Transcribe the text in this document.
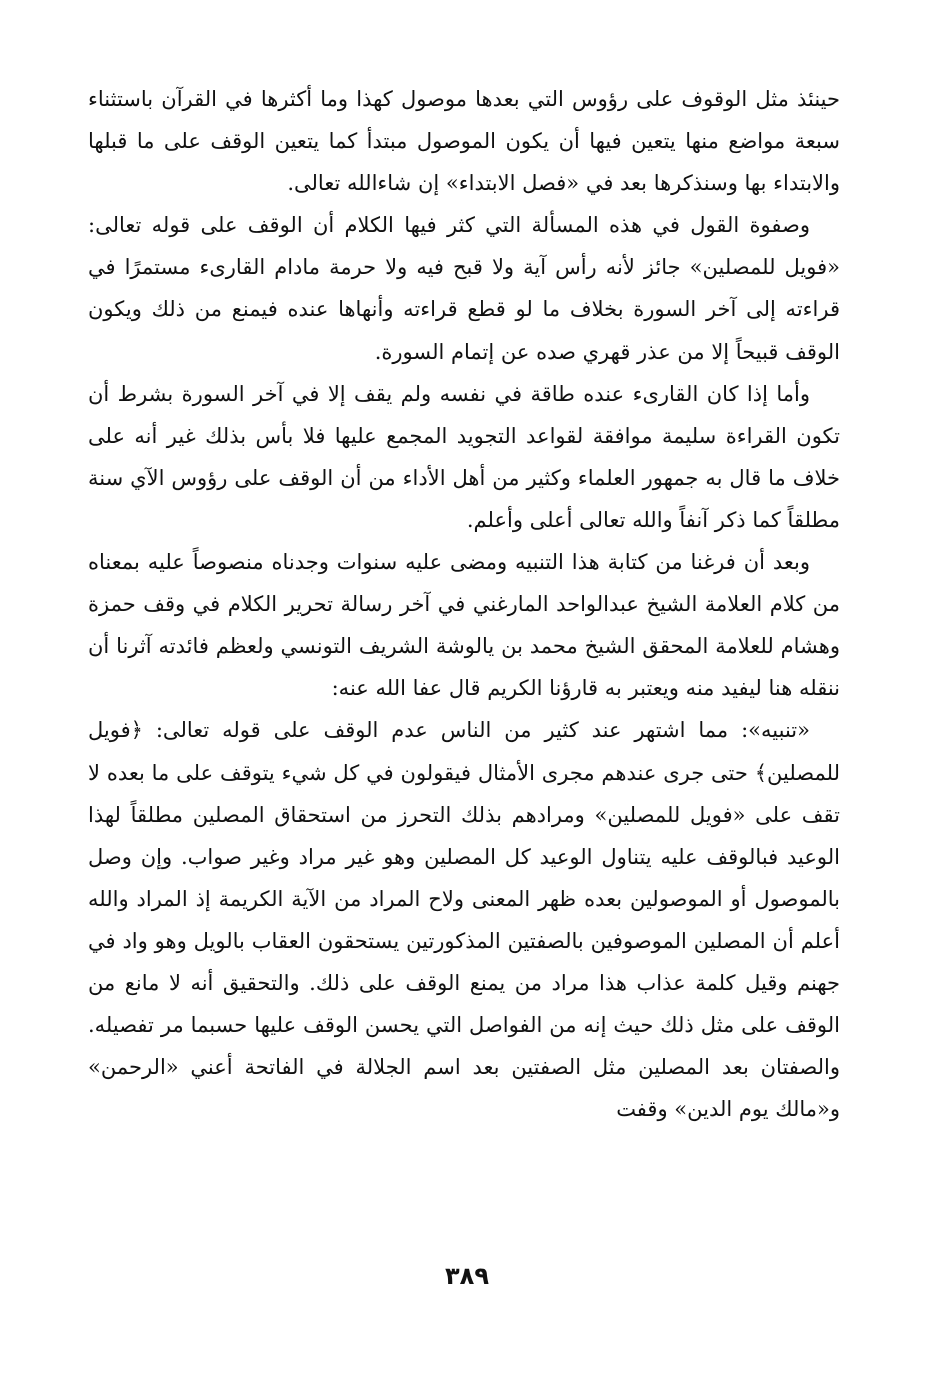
حينئذ مثل الوقوف على رؤوس التي بعدها موصول كهذا وما أكثرها في القرآن باستثناء سبعة مواضع منها يتعين فيها أن يكون الموصول مبتدأ كما يتعين الوقف على ما قبلها والابتداء بها وسنذكرها بعد في «فصل الابتداء» إن شاءالله تعالى.

وصفوة القول في هذه المسألة التي كثر فيها الكلام أن الوقف على قوله تعالى: «فويل للمصلين» جائز لأنه رأس آية ولا قبح فيه ولا حرمة مادام القارىء مستمرًا في قراءته إلى آخر السورة بخلاف ما لو قطع قراءته وأنهاها عنده فيمنع من ذلك ويكون الوقف قبيحاً إلا من عذر قهري صده عن إتمام السورة.

وأما إذا كان القارىء عنده طاقة في نفسه ولم يقف إلا في آخر السورة بشرط أن تكون القراءة سليمة موافقة لقواعد التجويد المجمع عليها فلا بأس بذلك غير أنه على خلاف ما قال به جمهور العلماء وكثير من أهل الأداء من أن الوقف على رؤوس الآي سنة مطلقاً كما ذكر آنفاً والله تعالى أعلى وأعلم.

وبعد أن فرغنا من كتابة هذا التنبيه ومضى عليه سنوات وجدناه منصوصاً عليه بمعناه من كلام العلامة الشيخ عبدالواحد المارغني في آخر رسالة تحرير الكلام في وقف حمزة وهشام للعلامة المحقق الشيخ محمد بن يالوشة الشريف التونسي ولعظم فائدته آثرنا أن ننقله هنا ليفيد منه ويعتبر به قارؤنا الكريم قال عفا الله عنه:

«تنبيه»: مما اشتهر عند كثير من الناس عدم الوقف على قوله تعالى: ﴿فويل للمصلين﴾ حتى جرى عندهم مجرى الأمثال فيقولون في كل شيء يتوقف على ما بعده لا تقف على «فويل للمصلين» ومرادهم بذلك التحرز من استحقاق المصلين مطلقاً لهذا الوعيد فبالوقف عليه يتناول الوعيد كل المصلين وهو غير مراد وغير صواب. وإن وصل بالموصول أو الموصولين بعده ظهر المعنى ولاح المراد من الآية الكريمة إذ المراد والله أعلم أن المصلين الموصوفين بالصفتين المذكورتين يستحقون العقاب بالويل وهو واد في جهنم وقيل كلمة عذاب هذا مراد من يمنع الوقف على ذلك. والتحقيق أنه لا مانع من الوقف على مثل ذلك حيث إنه من الفواصل التي يحسن الوقف عليها حسبما مر تفصيله. والصفتان بعد المصلين مثل الصفتين بعد اسم الجلالة في الفاتحة أعني «الرحمن» و«مالك يوم الدين» وقفت

٣٨٩
